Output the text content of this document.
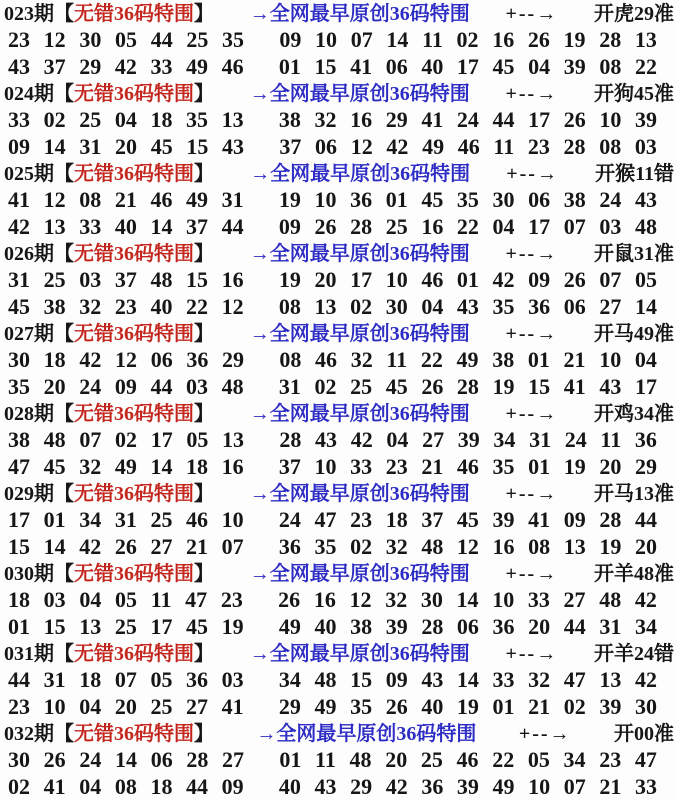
023期 【 无错36码特围 】 →全网最早原创36码特围 +--→ 开虎29准
23 12 30 05 44 25 35 09 10 07 14 11 02 16 26 19 28 13
43 37 29 42 33 49 46 01 15 41 06 40 17 45 04 39 08 22
024期 【 无错36码特围 】 →全网最早原创36码特围 +--→ 开狗45准
33 02 25 04 18 35 13 38 32 16 29 41 24 44 17 26 10 39
09 14 31 20 45 15 43 37 06 12 42 49 46 11 23 28 08 03
025期 【 无错36码特围 】 →全网最早原创36码特围 +--→ 开猴11错
41 12 08 21 46 49 31 19 10 36 01 45 35 30 06 38 24 43
42 13 33 40 14 37 44 09 26 28 25 16 22 04 17 07 03 48
026期 【 无错36码特围 】 →全网最早原创36码特围 +--→ 开鼠31准
31 25 03 37 48 15 16 19 20 17 10 46 01 42 09 26 07 05
45 38 32 23 40 22 12 08 13 02 30 04 43 35 36 06 27 14
027期 【 无错36码特围 】 →全网最早原创36码特围 +--→ 开马49准
30 18 42 12 06 36 29 08 46 32 11 22 49 38 01 21 10 04
35 20 24 09 44 03 48 31 02 25 45 26 28 19 15 41 43 17
028期 【 无错36码特围 】 →全网最早原创36码特围 +--→ 开鸡34准
38 48 07 02 17 05 13 28 43 42 04 27 39 34 31 24 11 36
47 45 32 49 14 18 16 37 10 33 23 21 46 35 01 19 20 29
029期 【 无错36码特围 】 →全网最早原创36码特围 +--→ 开马13准
17 01 34 31 25 46 10 24 47 23 18 37 45 39 41 09 28 44
15 14 42 26 27 21 07 36 35 02 32 48 12 16 08 13 19 20
030期 【 无错36码特围 】 →全网最早原创36码特围 +--→ 开羊48准
18 03 04 05 11 47 23 26 16 12 32 30 14 10 33 27 48 42
01 15 13 25 17 45 19 49 40 38 39 28 06 36 20 44 31 34
031期 【 无错36码特围 】 →全网最早原创36码特围 +--→ 开羊24错
44 31 18 07 05 36 03 34 48 15 09 43 14 33 32 47 13 42
23 10 04 20 25 27 41 29 49 35 26 40 19 01 21 02 39 30
032期 【 无错36码特围 】 →全网最早原创36码特围 +--→ 开00准
30 26 24 14 06 28 27 01 11 48 20 25 46 22 05 34 23 47
02 41 04 08 18 44 09 40 43 29 42 36 39 49 10 07 21 33
